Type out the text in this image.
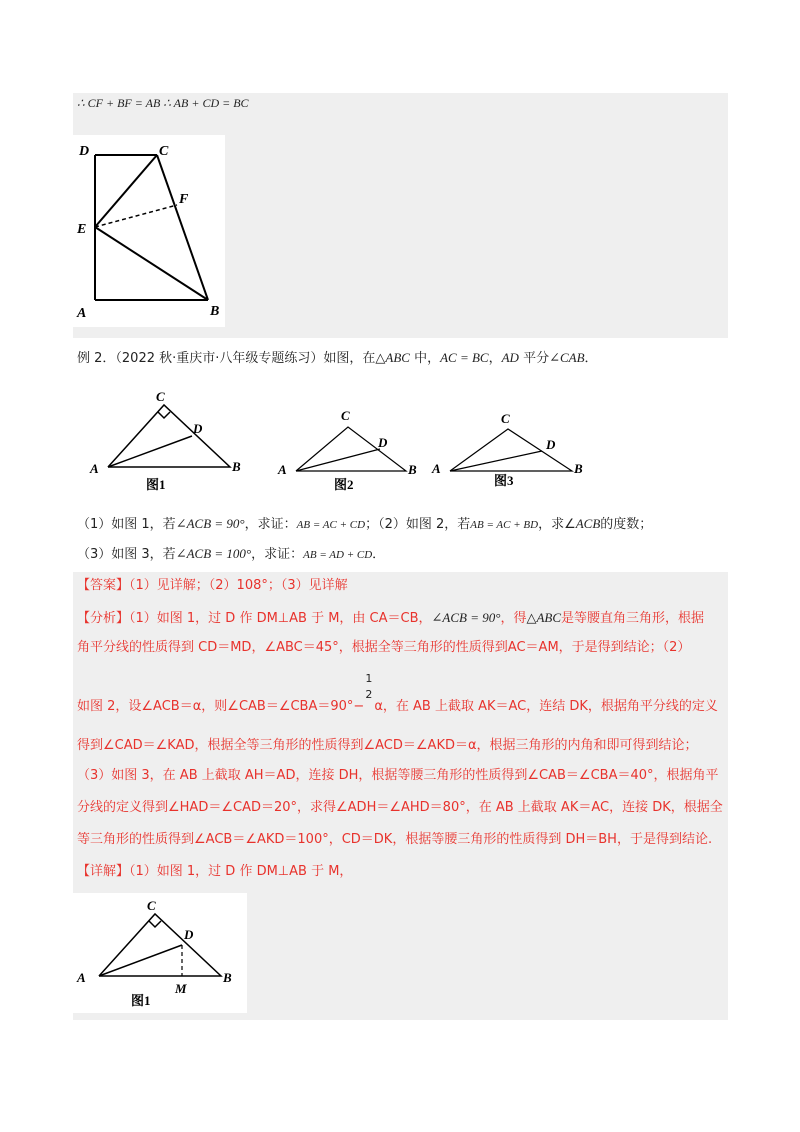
∴ CF + BF = AB ∴ AB + CD = BC
D	C
F
E
A	B
例 2．（2022 秋·重庆市·八年级专题练习）如图，在△ABC 中，AC = BC，AD 平分∠CAB．
C
D
A	B
图1
C
D
A	B
图2
C
D
A	B
图3
（1）如图 1，若∠ACB = 90°，求证：AB = AC + CD；（2）如图 2，若AB = AC + BD，求∠ACB的度数；
（3）如图 3，若∠ACB = 100°，求证：AB = AD + CD．
【答案】（1）见详解；（2）108°；（3）见详解
【分析】（1）如图 1，过 D 作 DM⊥AB 于 M，由 CA＝CB，∠ACB = 90°，得△ABC是等腰直角三角形，根据
角平分线的性质得到 CD＝MD，∠ABC＝45°，根据全等三角形的性质得到AC＝AM，于是得到结论；（2）
如图 2，设∠ACB＝α，则∠CAB＝∠CBA＝90°−
1
2
α，在 AB 上截取 AK＝AC，连结 DK，根据角平分线的定义
得到∠CAD＝∠KAD，根据全等三角形的性质得到∠ACD＝∠AKD＝α，根据三角形的内角和即可得到结论；
（3）如图 3，在 AB 上截取 AH＝AD，连接 DH，根据等腰三角形的性质得到∠CAB＝∠CBA＝40°，根据角平
分线的定义得到∠HAD＝∠CAD＝20°，求得∠ADH＝∠AHD＝80°，在 AB 上截取 AK＝AC，连接 DK，根据全
等三角形的性质得到∠ACB＝∠AKD＝100°，CD＝DK，根据等腰三角形的性质得到 DH＝BH，于是得到结论.
【详解】（1）如图 1，过 D 作 DM⊥AB 于 M，
C
D
A	B
M
图1
